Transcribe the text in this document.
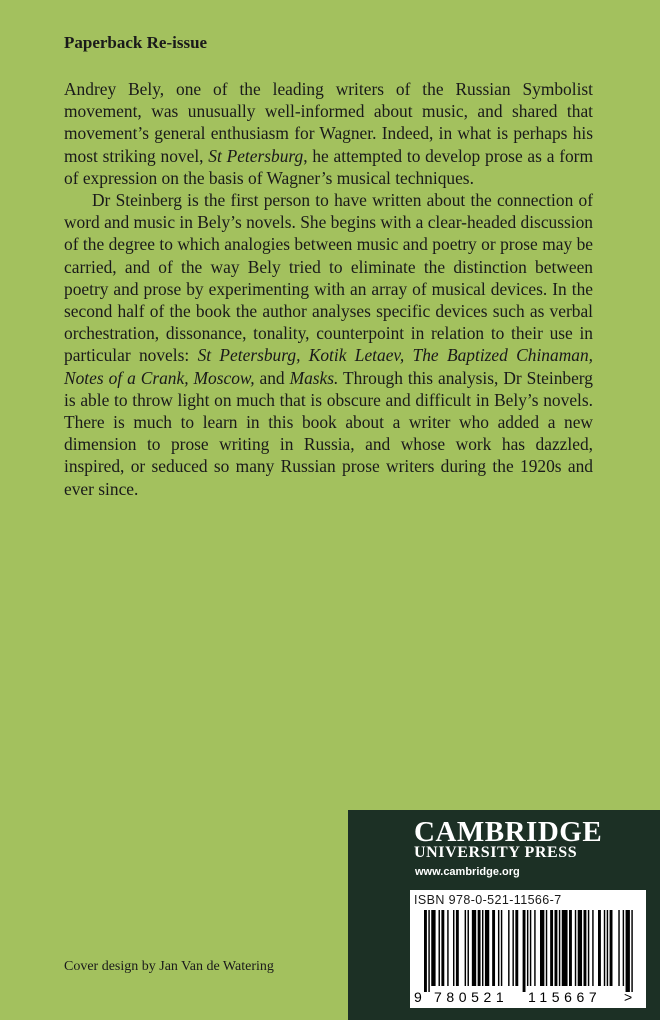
Paperback Re-issue

Andrey Bely, one of the leading writers of the Russian Symbolist movement, was unusually well-informed about music, and shared that movement’s general enthusiasm for Wagner. Indeed, in what is perhaps his most striking novel, St Petersburg, he attempted to develop prose as a form of expression on the basis of Wagner’s musical techniques.

Dr Steinberg is the first person to have written about the connection of word and music in Bely’s novels. She begins with a clear-headed discussion of the degree to which analogies between music and poetry or prose may be carried, and of the way Bely tried to eliminate the distinction between poetry and prose by experimenting with an array of musical devices. In the second half of the book the author analyses specific devices such as verbal orchestration, dissonance, tonality, counterpoint in relation to their use in particular novels: St Petersburg, Kotik Letaev, The Baptized Chinaman, Notes of a Crank, Moscow, and Masks. Through this analysis, Dr Steinberg is able to throw light on much that is obscure and difficult in Bely’s novels. There is much to learn in this book about a writer who added a new dimension to prose writing in Russia, and whose work has dazzled, inspired, or seduced so many Russian prose writers during the 1920s and ever since.

Cover design by Jan Van de Watering
CAMBRIDGE
UNIVERSITY PRESS
www.cambridge.org
9 780521 115667 >
ISBN 978-0-521-11566-7
